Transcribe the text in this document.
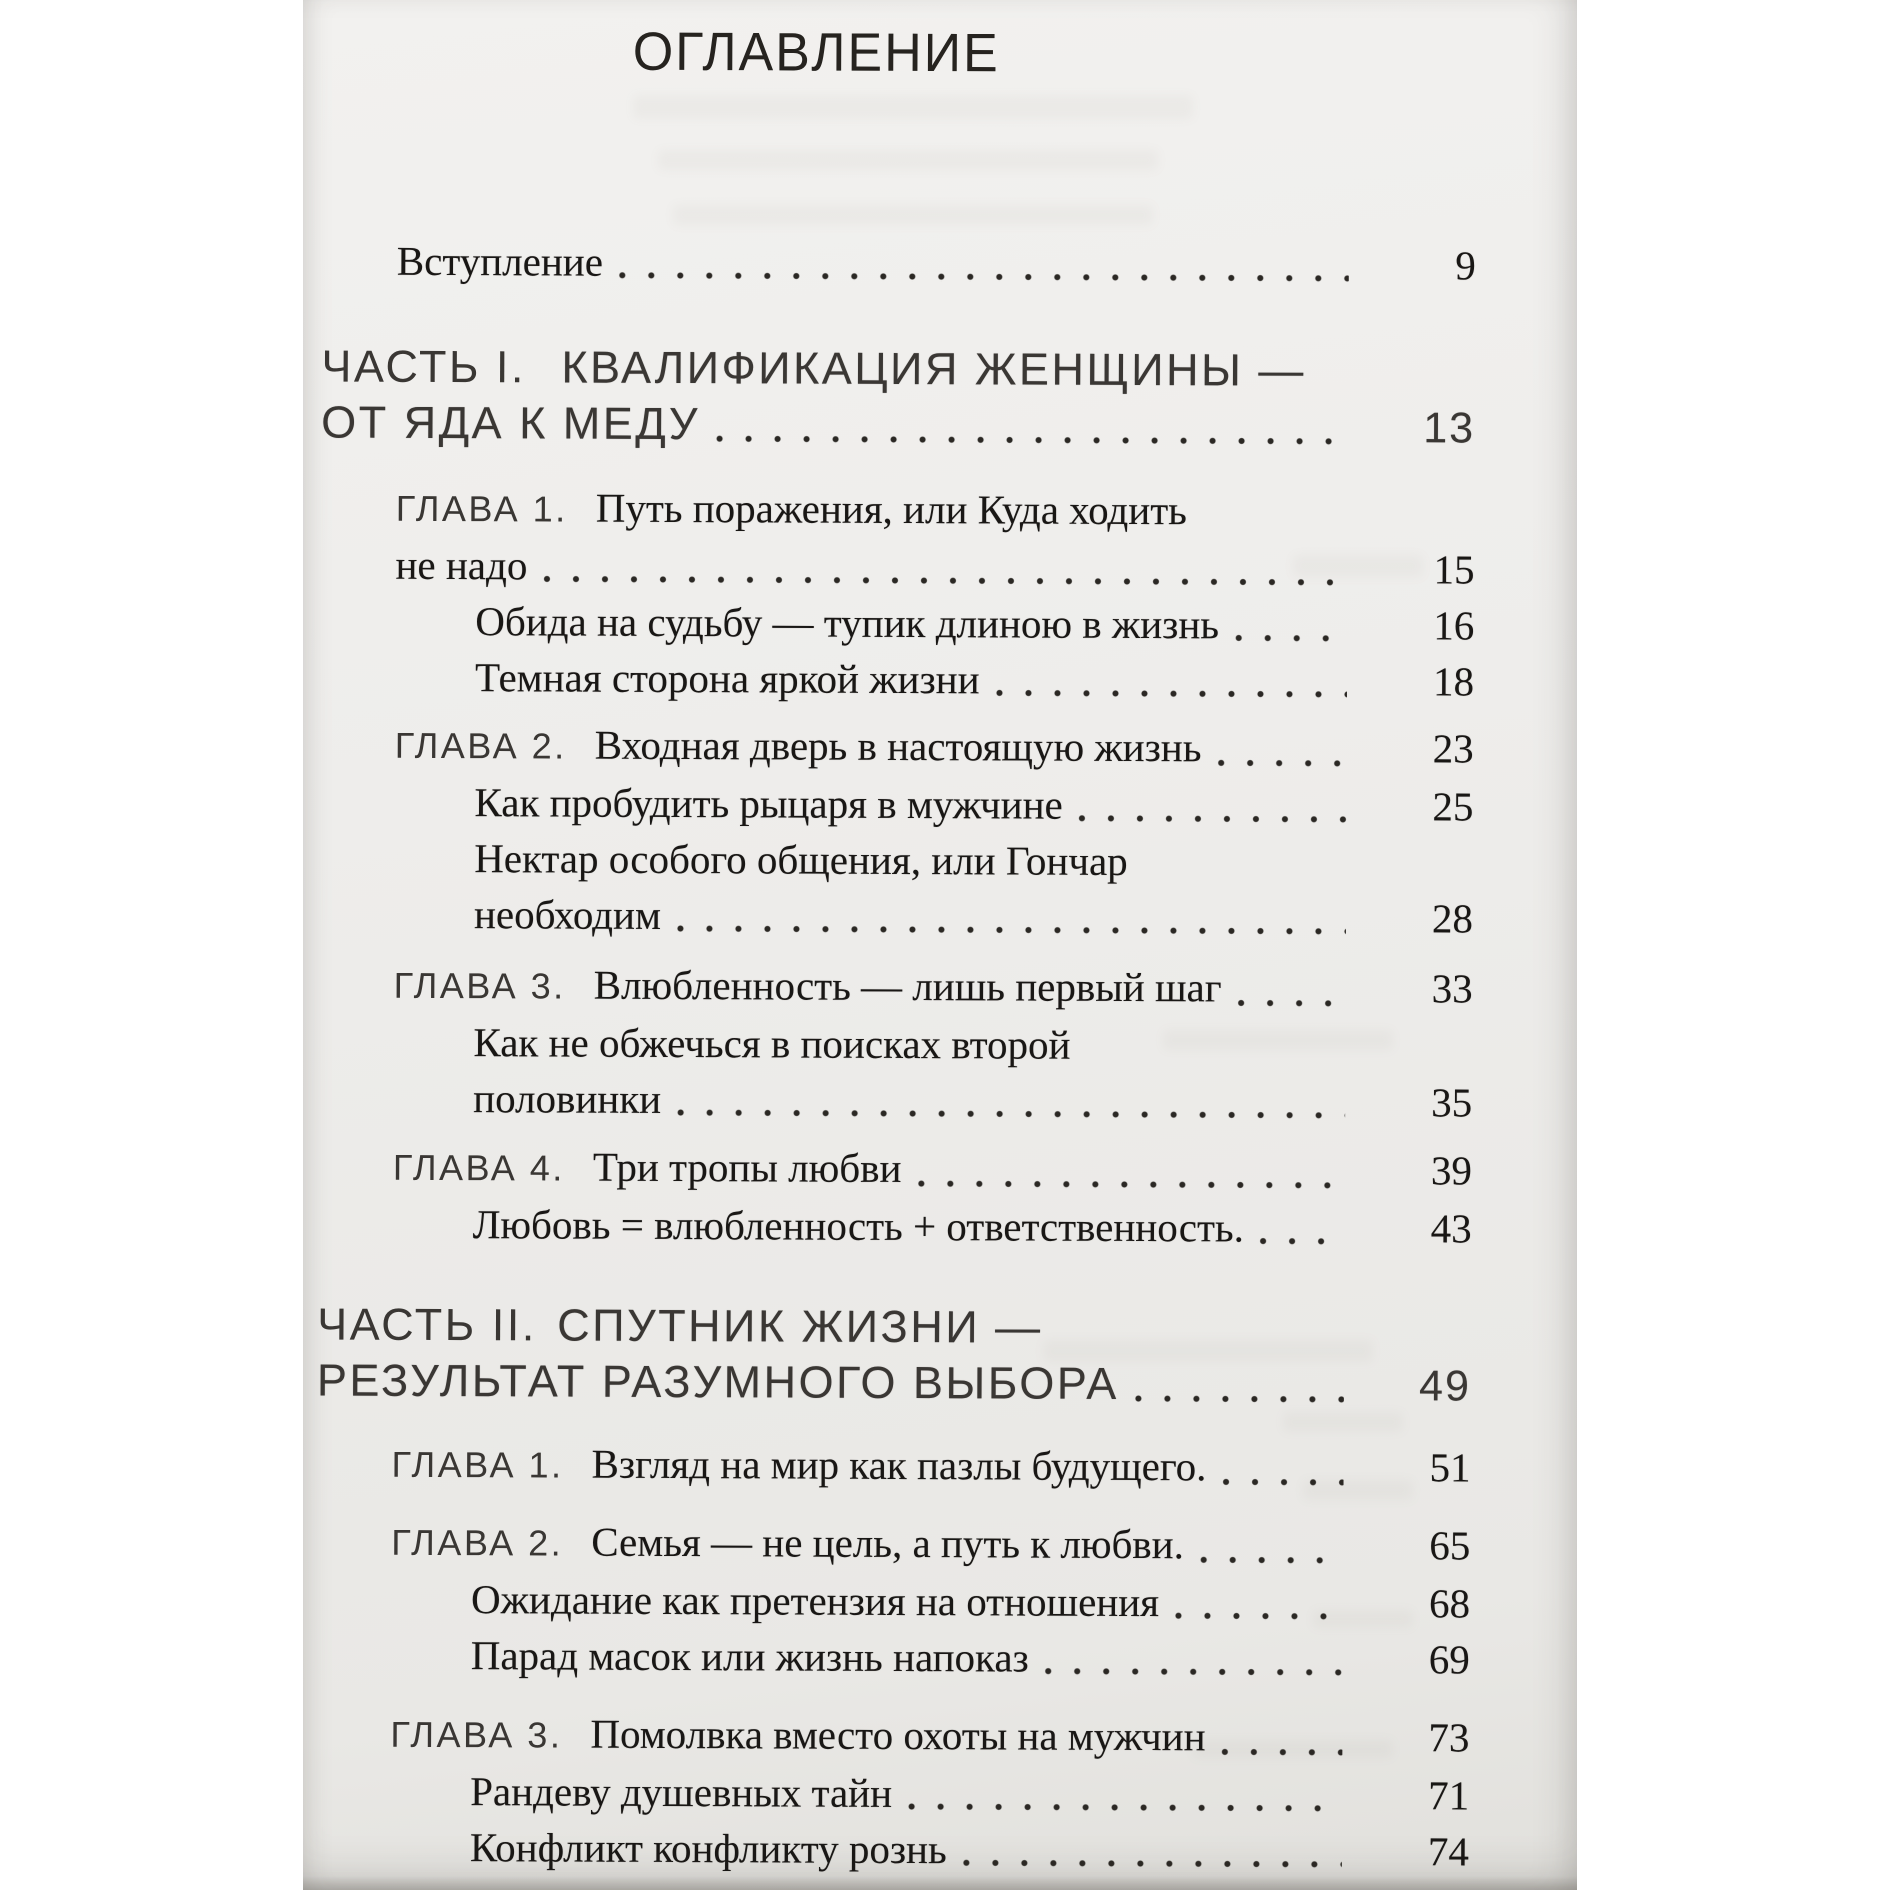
ОГЛАВЛЕНИЕ
Вступление	9
ЧАСТЬ I. КВАЛИФИКАЦИЯ ЖЕНЩИНЫ —
ОТ ЯДА К МЕДУ	13
ГЛАВА 1. Путь поражения, или Куда ходить
не надо	15
Обида на судьбу — тупик длиною в жизнь	16
Темная сторона яркой жизни	18
ГЛАВА 2. Входная дверь в настоящую жизнь	23
Как пробудить рыцаря в мужчине	25
Нектар особого общения, или Гончар
необходим	28
ГЛАВА 3. Влюбленность — лишь первый шаг	33
Как не обжечься в поисках второй
половинки	35
ГЛАВА 4. Три тропы любви	39
Любовь = влюбленность + ответственность.	43
ЧАСТЬ II. СПУТНИК ЖИЗНИ —
РЕЗУЛЬТАТ РАЗУМНОГО ВЫБОРА	49
ГЛАВА 1. Взгляд на мир как пазлы будущего.	51
ГЛАВА 2. Семья — не цель, а путь к любви.	65
Ожидание как претензия на отношения	68
Парад масок или жизнь напоказ	69
ГЛАВА 3. Помолвка вместо охоты на мужчин	73
Рандеву душевных тайн	71
Конфликт конфликту рознь	74
